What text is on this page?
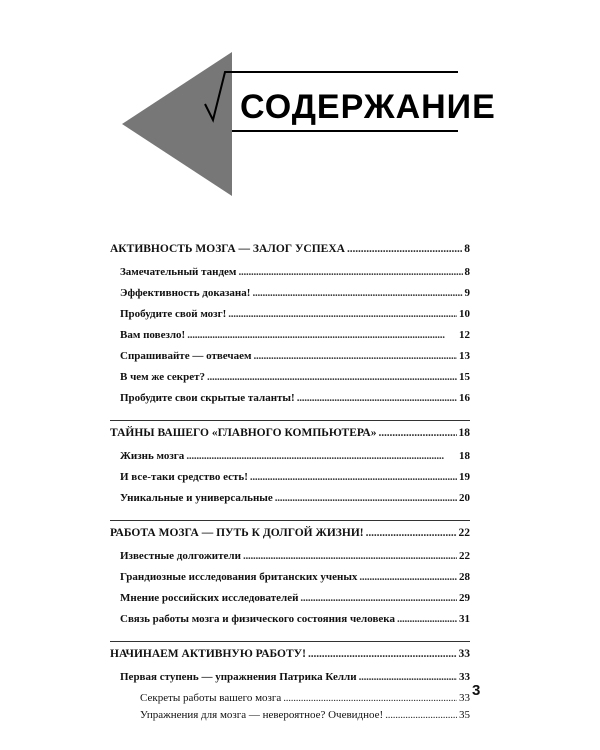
СОДЕРЖАНИЕ
АКТИВНОСТЬ МОЗГА — ЗАЛОГ УСПЕХА . . .	8
Замечательный тандем . . .	8
Эффективность доказана! . . .	9
Пробудите свой мозг! . . .	10
Вам повезло! . . .	12
Спрашивайте — отвечаем . . .	13
В чем же секрет? . . .	15
Пробудите свои скрытые таланты! . . .	16
ТАЙНЫ ВАШЕГО «ГЛАВНОГО КОМПЬЮТЕРА» . . .	18
Жизнь мозга . . .	18
И все-таки средство есть! . . .	19
Уникальные и универсальные . . .	20
РАБОТА МОЗГА — ПУТЬ К ДОЛГОЙ ЖИЗНИ! . . .	22
Известные долгожители . . .	22
Грандиозные исследования британских ученых . . .	28
Мнение российских исследователей . . .	29
Связь работы мозга и физического состояния человека . . .	31
НАЧИНАЕМ АКТИВНУЮ РАБОТУ! . . .	33
Первая ступень — упражнения Патрика Келли . . .	33
Секреты работы вашего мозга . . .	33
Упражнения для мозга — невероятное? Очевидное! . . .	35
3
